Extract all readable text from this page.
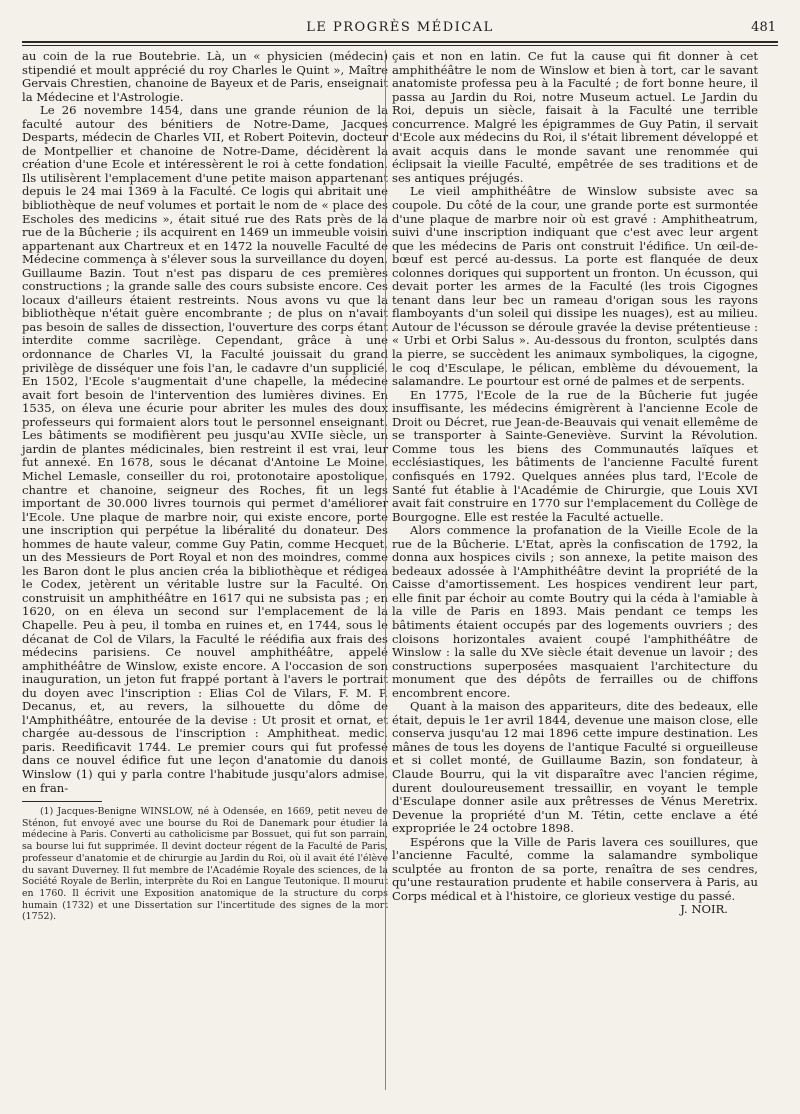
LE PROGRÈS MÉDICAL	481

au coin de la rue Boutebrie. Là, un « physicien (médecin) stipendié et moult apprécié du roy Charles le Quint », Maître Gervais Chrestien, chanoine de Bayeux et de Paris, enseignait la Médecine et l'Astrologie.

Le 26 novembre 1454, dans une grande réunion de la faculté autour des bénitiers de Notre-Dame, Jacques Desparts, médecin de Charles VII, et Robert Poitevin, docteur de Montpellier et chanoine de Notre-Dame, décidèrent la création d'une Ecole et intéressèrent le roi à cette fondation. Ils utilisèrent l'emplacement d'une petite maison appartenant depuis le 24 mai 1369 à la Faculté. Ce logis qui abritait une bibliothèque de neuf volumes et portait le nom de « place des Escholes des medicins », était situé rue des Rats près de la rue de la Bûcherie ; ils acquirent en 1469 un immeuble voisin appartenant aux Chartreux et en 1472 la nouvelle Faculté de Médecine commença à s'élever sous la surveillance du doyen, Guillaume Bazin. Tout n'est pas disparu de ces premières constructions ; la grande salle des cours subsiste encore. Ces locaux d'ailleurs étaient restreints. Nous avons vu que la bibliothèque n'était guère encombrante ; de plus on n'avait pas besoin de salles de dissection, l'ouverture des corps étant interdite comme sacrilège. Cependant, grâce à une ordonnance de Charles VI, la Faculté jouissait du grand privilège de disséquer une fois l'an, le cadavre d'un supplicié. En 1502, l'Ecole s'augmentait d'une chapelle, la médecine avait fort besoin de l'intervention des lumières divines. En 1535, on éleva une écurie pour abriter les mules des doux professeurs qui formaient alors tout le personnel enseignant. Les bâtiments se modifièrent peu jusqu'au XVIIe siècle, un jardin de plantes médicinales, bien restreint il est vrai, leur fut annexé. En 1678, sous le décanat d'Antoine Le Moine, Michel Lemasle, conseiller du roi, protonotaire apostolique, chantre et chanoine, seigneur des Roches, fit un legs important de 30.000 livres tournois qui permet d'améliorer l'Ecole. Une plaque de marbre noir, qui existe encore, porte une inscription qui perpétue la libéralité du donateur. Des hommes de haute valeur, comme Guy Patin, comme Hecquet, un des Messieurs de Port Royal et non des moindres, comme les Baron dont le plus ancien créa la bibliothèque et rédigea le Codex, jetèrent un véritable lustre sur la Faculté. On construisit un amphithéâtre en 1617 qui ne subsista pas ; en 1620, on en éleva un second sur l'emplacement de la Chapelle. Peu à peu, il tomba en ruines et, en 1744, sous le décanat de Col de Vilars, la Faculté le réédifia aux frais des médecins parisiens. Ce nouvel amphithéâtre, appelé amphithéâtre de Winslow, existe encore. A l'occasion de son inauguration, un jeton fut frappé portant à l'avers le portrait du doyen avec l'inscription : Elias Col de Vilars, F. M. P. Decanus, et, au revers, la silhouette du dôme de l'Amphithéâtre, entourée de la devise : Ut prosit et ornat, et chargée au-dessous de l'inscription : Amphitheat. medic. paris. Reedificavit 1744. Le premier cours qui fut professé dans ce nouvel édifice fut une leçon d'anatomie du danois Winslow (1) qui y parla contre l'habitude jusqu'alors admise, en fran-

(1) Jacques-Benigne WINSLOW, né à Odensée, en 1669, petit neveu de Sténon, fut envoyé avec une bourse du Roi de Danemark pour étudier la médecine à Paris. Converti au catholicisme par Bossuet, qui fut son parrain, sa bourse lui fut supprimée. Il devint docteur régent de la Faculté de Paris, professeur d'anatomie et de chirurgie au Jardin du Roi, où il avait été l'élève du savant Duverney. Il fut membre de l'Académie Royale des sciences, de la Société Royale de Berlin, interprète du Roi en Langue Teutonique. Il mourut en 1760. Il écrivit une Exposition anatomique de la structure du corps humain (1732) et une Dissertation sur l'incertitude des signes de la mort (1752).

çais et non en latin. Ce fut la cause qui fit donner à cet amphithéâtre le nom de Winslow et bien à tort, car le savant anatomiste professa peu à la Faculté ; de fort bonne heure, il passa au Jardin du Roi, notre Museum actuel. Le Jardin du Roi, depuis un siècle, faisait à la Faculté une terrible concurrence. Malgré les épigrammes de Guy Patin, il servait d'Ecole aux médecins du Roi, il s'était librement développé et avait acquis dans le monde savant une renommée qui éclipsait la vieille Faculté, empêtrée de ses traditions et de ses antiques préjugés.

Le vieil amphithéâtre de Winslow subsiste avec sa coupole. Du côté de la cour, une grande porte est surmontée d'une plaque de marbre noir où est gravé : Amphitheatrum, suivi d'une inscription indiquant que c'est avec leur argent que les médecins de Paris ont construit l'édifice. Un œil-de-bœuf est percé au-dessus. La porte est flanquée de deux colonnes doriques qui supportent un fronton. Un écusson, qui devait porter les armes de la Faculté (les trois Cigognes tenant dans leur bec un rameau d'origan sous les rayons flamboyants d'un soleil qui dissipe les nuages), est au milieu. Autour de l'écusson se déroule gravée la devise prétentieuse : « Urbi et Orbi Salus ». Au-dessous du fronton, sculptés dans la pierre, se succèdent les animaux symboliques, la cigogne, le coq d'Esculape, le pélican, emblème du dévouement, la salamandre. Le pourtour est orné de palmes et de serpents.

En 1775, l'Ecole de la rue de la Bûcherie fut jugée insuffisante, les médecins émigrèrent à l'ancienne Ecole de Droit ou Décret, rue Jean-de-Beauvais qui venait ellemême de se transporter à Sainte-Geneviève. Survint la Révolution. Comme tous les biens des Communautés laïques et ecclésiastiques, les bâtiments de l'ancienne Faculté furent confisqués en 1792. Quelques années plus tard, l'Ecole de Santé fut établie à l'Académie de Chirurgie, que Louis XVI avait fait construire en 1770 sur l'emplacement du Collège de Bourgogne. Elle est restée la Faculté actuelle.

Alors commence la profanation de la Vieille Ecole de la rue de la Bûcherie. L'Etat, après la confiscation de 1792, la donna aux hospices civils ; son annexe, la petite maison des bedeaux adossée à l'Amphithéâtre devint la propriété de la Caisse d'amortissement. Les hospices vendirent leur part, elle finit par échoir au comte Boutry qui la céda à l'amiable à la ville de Paris en 1893. Mais pendant ce temps les bâtiments étaient occupés par des logements ouvriers ; des cloisons horizontales avaient coupé l'amphithéâtre de Winslow : la salle du XVe siècle était devenue un lavoir ; des constructions superposées masquaient l'architecture du monument que des dépôts de ferrailles ou de chiffons encombrent encore.

Quant à la maison des appariteurs, dite des bedeaux, elle était, depuis le 1er avril 1844, devenue une maison close, elle conserva jusqu'au 12 mai 1896 cette impure destination. Les mânes de tous les doyens de l'antique Faculté si orgueilleuse et si collet monté, de Guillaume Bazin, son fondateur, à Claude Bourru, qui la vit disparaître avec l'ancien régime, durent douloureusement tressaillir, en voyant le temple d'Esculape donner asile aux prêtresses de Vénus Meretrix. Devenue la propriété d'un M. Tétin, cette enclave a été expropriée le 24 octobre 1898.

Espérons que la Ville de Paris lavera ces souillures, que l'ancienne Faculté, comme la salamandre symbolique sculptée au fronton de sa porte, renaîtra de ses cendres, qu'une restauration prudente et habile conservera à Paris, au Corps médical et à l'histoire, ce glorieux vestige du passé.

J. NOIR.
